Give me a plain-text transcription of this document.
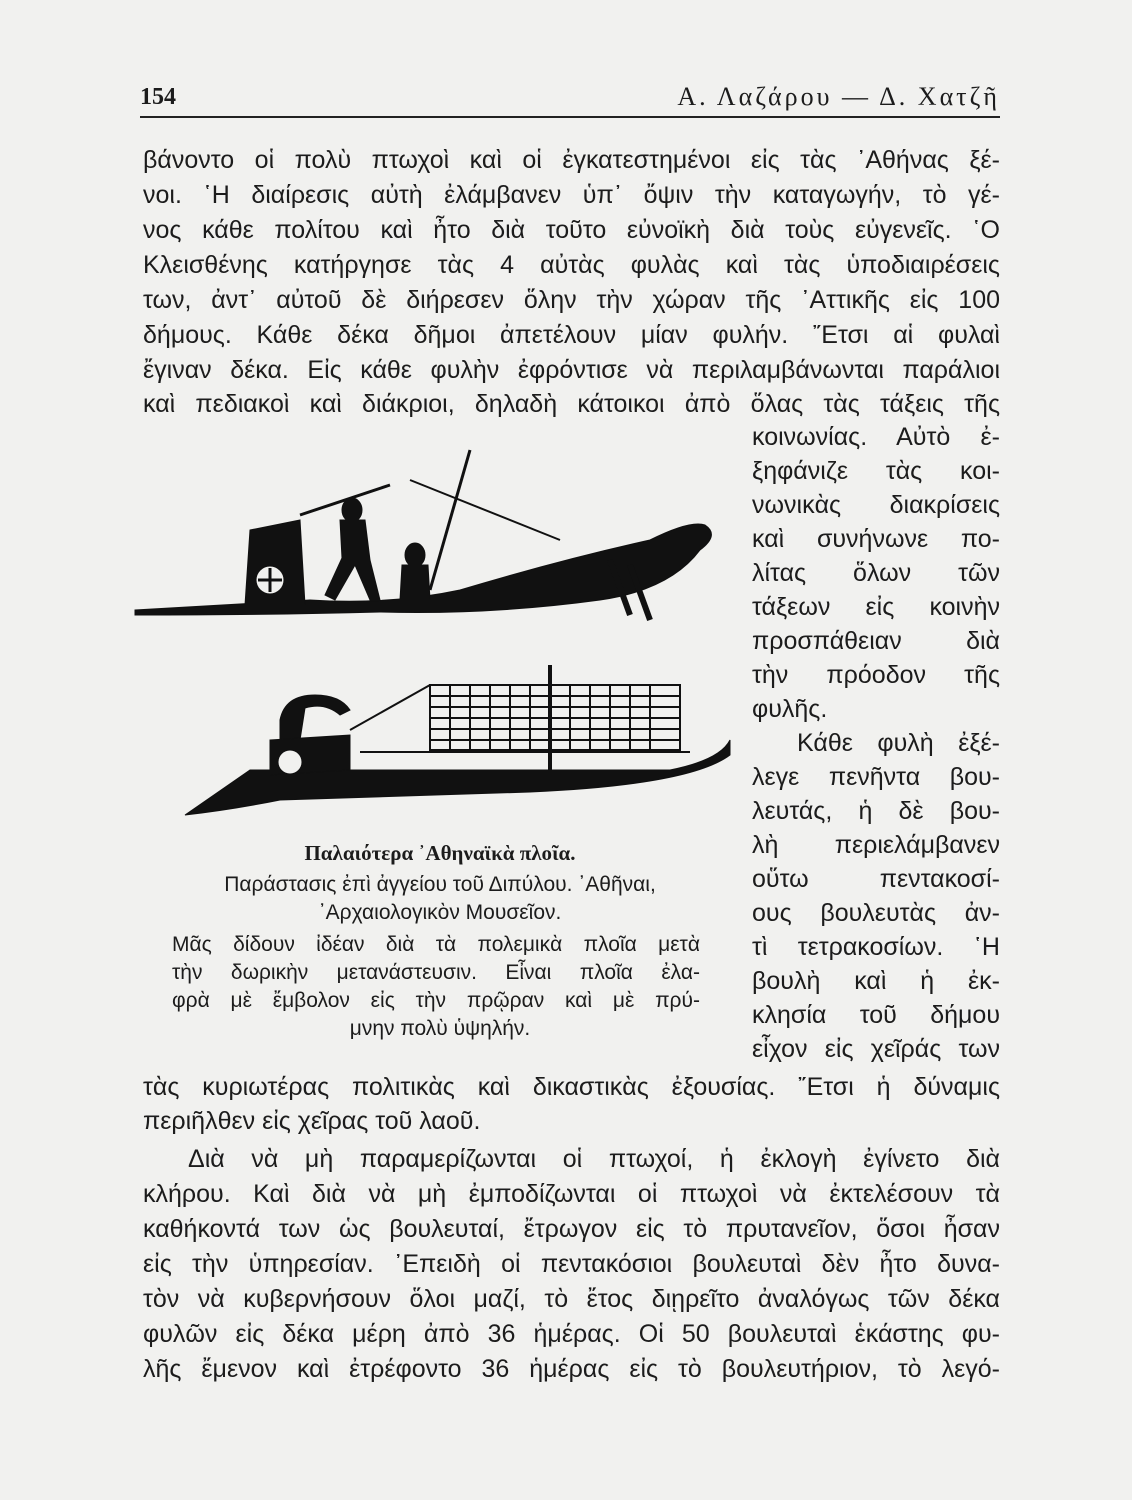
154	Α. Λαζάρου — Δ. Χατζῆ
βάνοντο οἱ πολὺ πτωχοὶ καὶ οἱ ἐγκατεστημένοι εἰς τὰς ᾿Αθήνας ξέ-
νοι. ῾Η διαίρεσις αὐτὴ ἐλάμβανεν ὑπ᾿ ὄψιν τὴν καταγωγήν, τὸ γέ-
νος κάθε πολίτου καὶ ἦτο διὰ τοῦτο εὐνοϊκὴ διὰ τοὺς εὐγενεῖς. ῾Ο
Κλεισθένης κατήργησε τὰς 4 αὐτὰς φυλὰς καὶ τὰς ὑποδιαιρέσεις
των, ἀντ᾿ αὐτοῦ δὲ διήρεσεν ὅλην τὴν χώραν τῆς ᾿Αττικῆς εἰς 100
δήμους. Κάθε δέκα δῆμοι ἀπετέλουν μίαν φυλήν. ῎Ετσι αἱ φυλαὶ
ἔγιναν δέκα. Εἰς κάθε φυλὴν ἐφρόντισε νὰ περιλαμβάνωνται παράλιοι
καὶ πεδιακοὶ καὶ διάκριοι, δηλαδὴ κάτοικοι ἀπὸ ὅλας τὰς τάξεις τῆς
κοινωνίας. Αὐτὸ ἐ-
ξηφάνιζε τὰς κοι-
νωνικὰς διακρίσεις
καὶ συνήνωνε πο-
λίτας ὅλων τῶν
τάξεων εἰς κοινὴν
προσπάθειαν διὰ
τὴν πρόοδον τῆς
φυλῆς.
Κάθε φυλὴ ἐξέ-
λεγε πενῆντα βου-
λευτάς, ἡ δὲ βου-
λὴ περιελάμβανεν
οὕτω πεντακοσί-
ους βουλευτὰς ἀν-
τὶ τετρακοσίων. ῾Η
βουλὴ καὶ ἡ ἐκ-
κλησία τοῦ δήμου
εἶχον εἰς χεῖράς των
Παλαιότερα ᾿Αθηναϊκὰ πλοῖα.
Παράστασις ἐπὶ ἀγγείου τοῦ Διπύλου. ᾿Αθῆναι,
᾿Αρχαιολογικὸν Μουσεῖον.
Μᾶς δίδουν ἰδέαν διὰ τὰ πολεμικὰ πλοῖα μετὰ
τὴν δωρικὴν μετανάστευσιν. Εἶναι πλοῖα ἐλα-
φρὰ μὲ ἔμβολον εἰς τὴν πρῷραν καὶ μὲ πρύ-
μνην πολὺ ὑψηλήν.
τὰς κυριωτέρας πολιτικὰς καὶ δικαστικὰς ἐξουσίας. ῎Ετσι ἡ δύναμις
περιῆλθεν εἰς χεῖρας τοῦ λαοῦ.
Διὰ νὰ μὴ παραμερίζωνται οἱ πτωχοί, ἡ ἐκλογὴ ἐγίνετο διὰ
κλήρου. Καὶ διὰ νὰ μὴ ἐμποδίζωνται οἱ πτωχοὶ νὰ ἐκτελέσουν τὰ
καθήκοντά των ὡς βουλευταί, ἔτρωγον εἰς τὸ πρυτανεῖον, ὅσοι ἦσαν
εἰς τὴν ὑπηρεσίαν. ᾿Επειδὴ οἱ πεντακόσιοι βουλευταὶ δὲν ἦτο δυνα-
τὸν νὰ κυβερνήσουν ὅλοι μαζί, τὸ ἔτος διῃρεῖτο ἀναλόγως τῶν δέκα
φυλῶν εἰς δέκα μέρη ἀπὸ 36 ἡμέρας. Οἱ 50 βουλευταὶ ἑκάστης φυ-
λῆς ἔμενον καὶ ἐτρέφοντο 36 ἡμέρας εἰς τὸ βουλευτήριον, τὸ λεγό-
